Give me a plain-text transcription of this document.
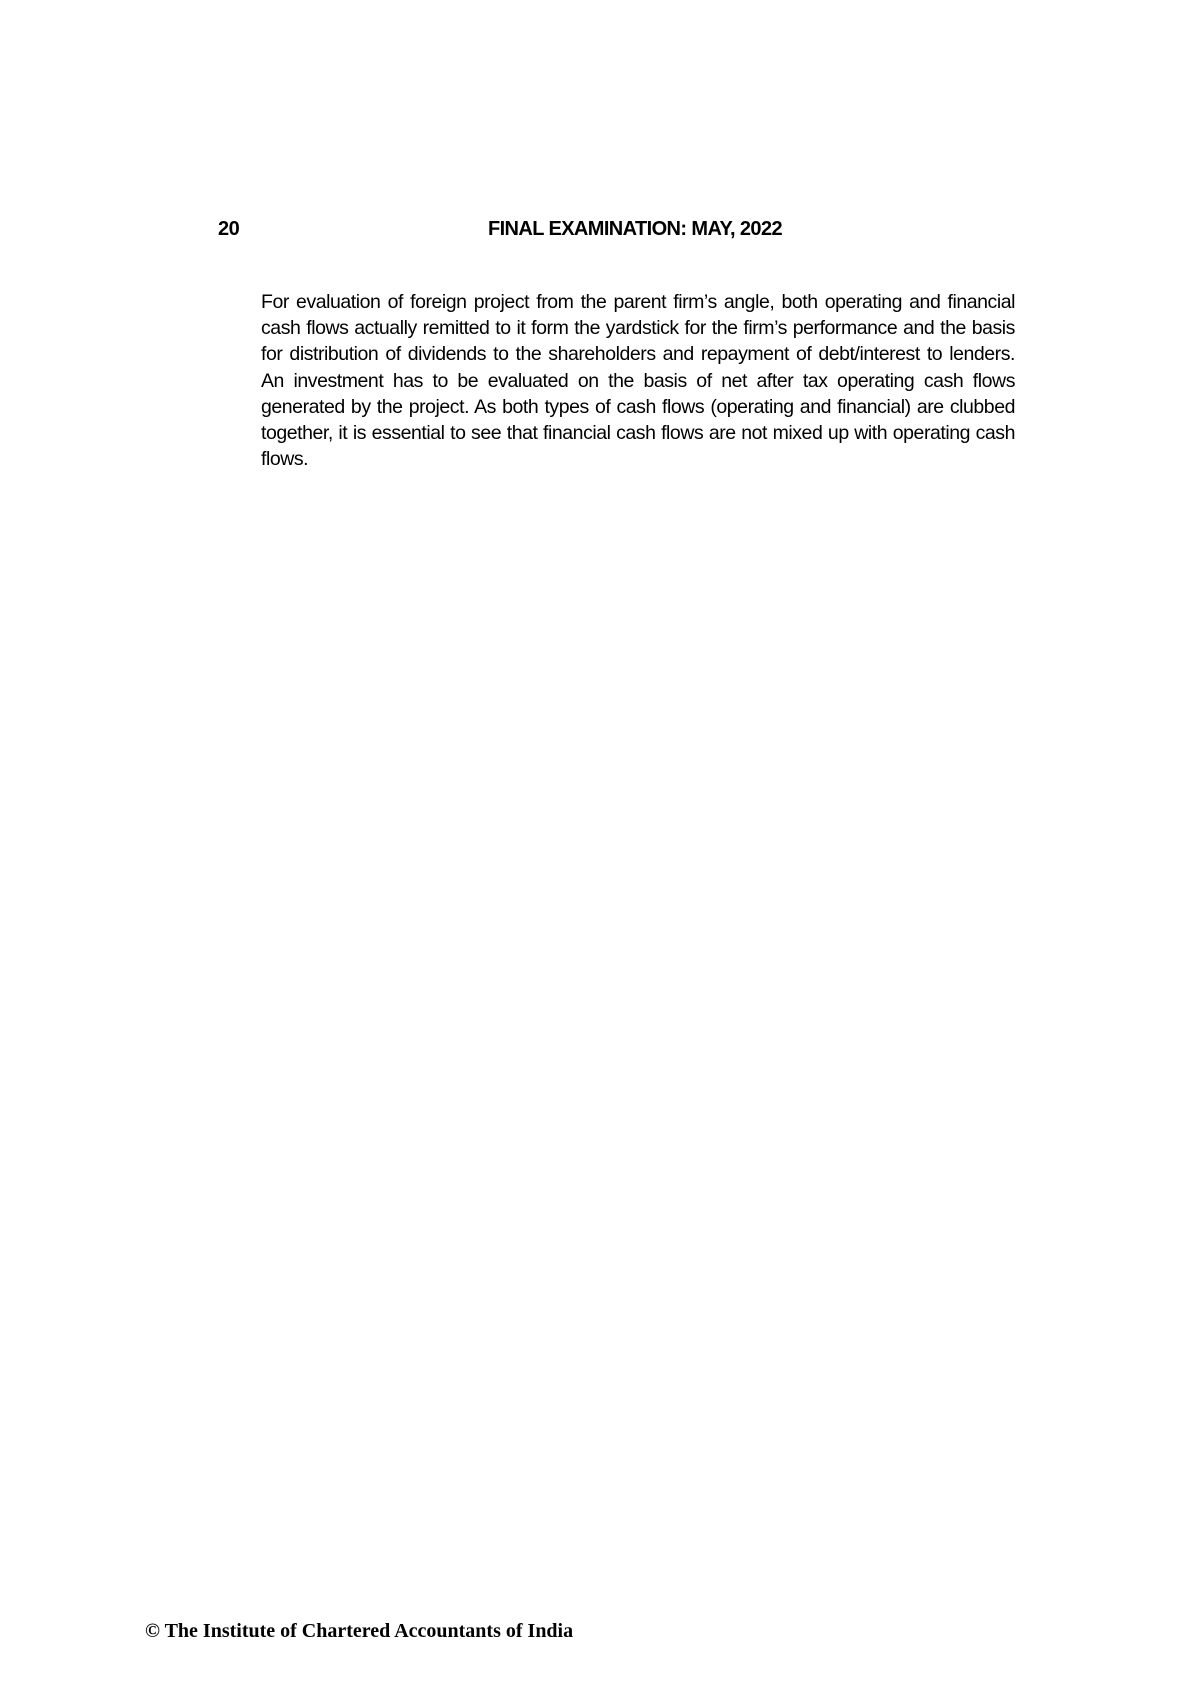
20	FINAL EXAMINATION: MAY, 2022

For evaluation of foreign project from the parent firm’s angle, both operating and financial cash flows actually remitted to it form the yardstick for the firm’s performance and the basis for distribution of dividends to the shareholders and repayment of debt/interest to lenders. An investment has to be evaluated on the basis of net after tax operating cash flows generated by the project. As both types of cash flows (operating and financial) are clubbed together, it is essential to see that financial cash flows are not mixed up with operating cash flows.

© The Institute of Chartered Accountants of India
